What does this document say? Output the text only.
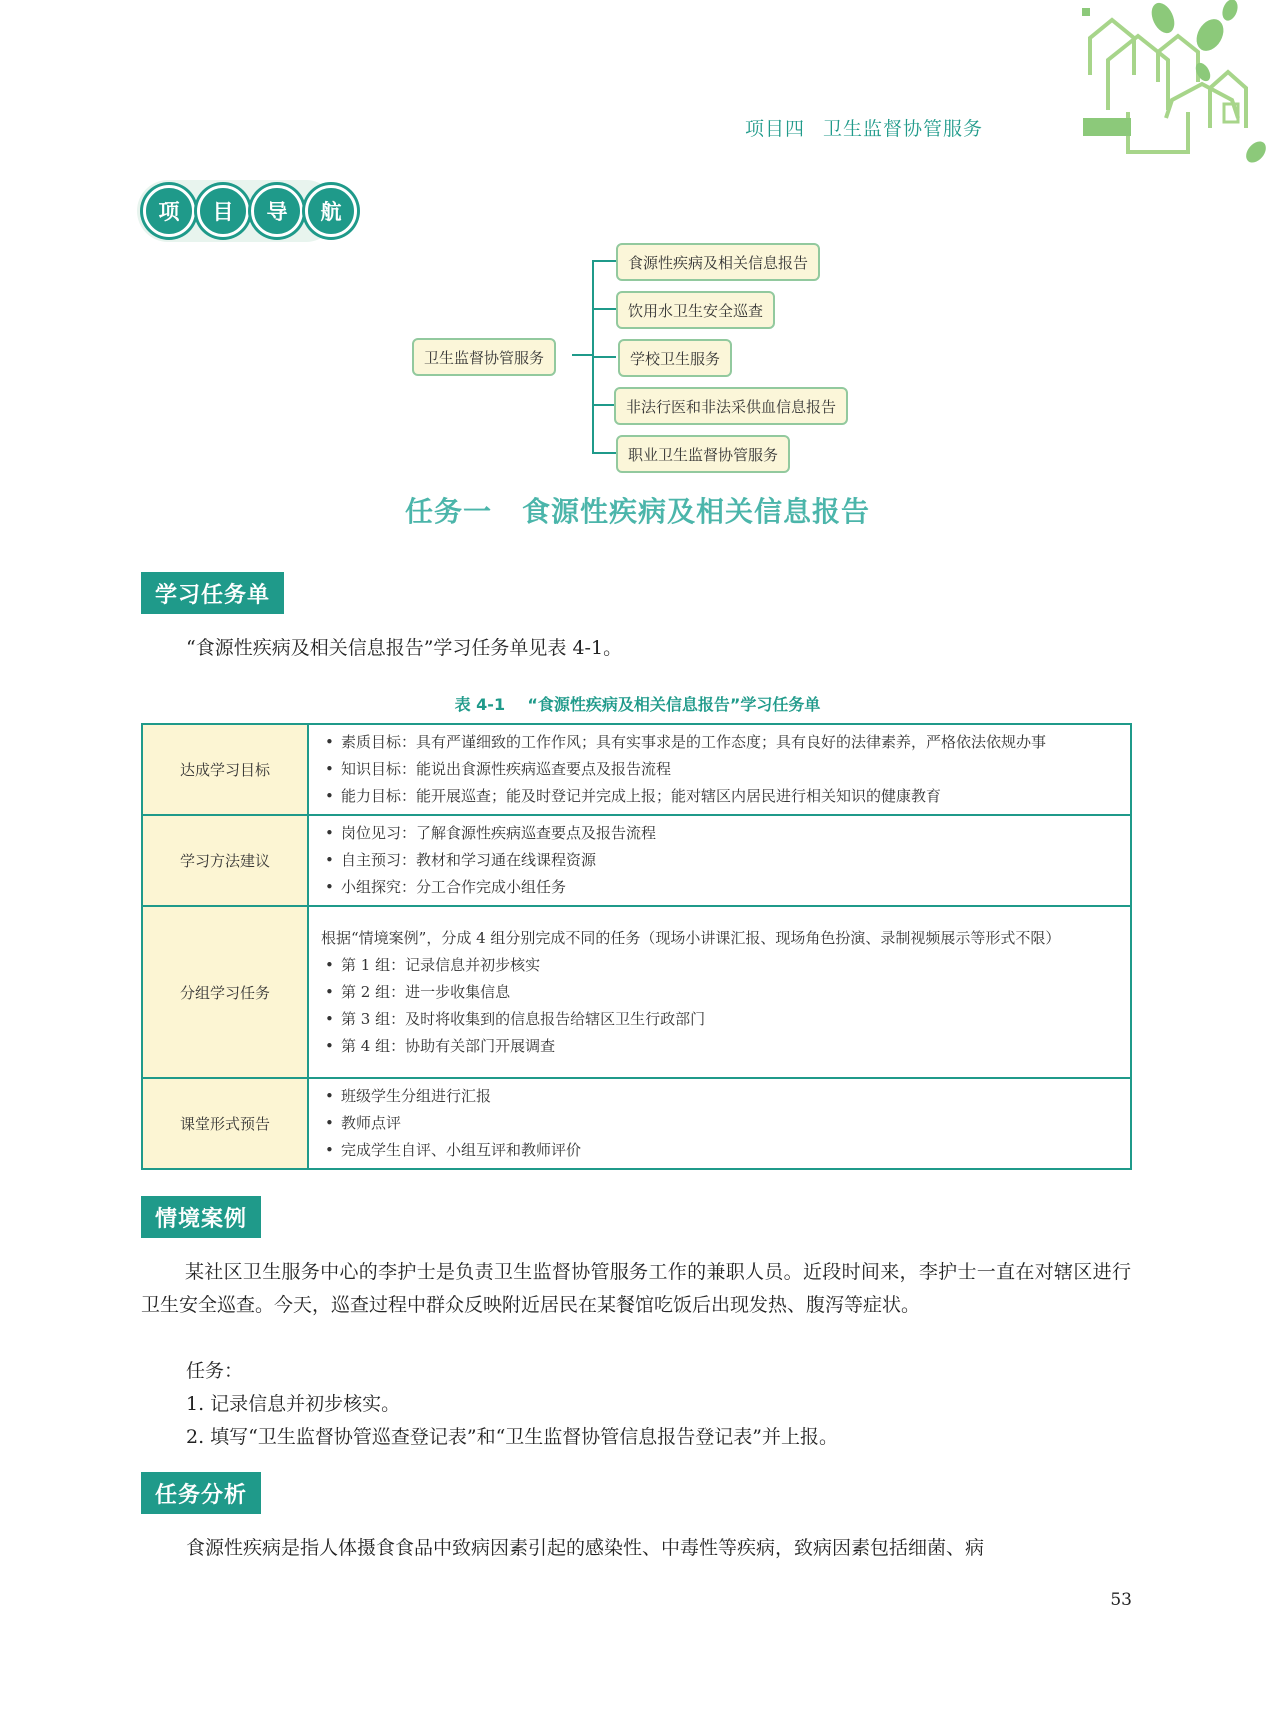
项目四 卫生监督协管服务
项	目	导	航
卫生监督协管服务
食源性疾病及相关信息报告
饮用水卫生安全巡查
学校卫生服务
非法行医和非法采供血信息报告
职业卫生监督协管服务
任务一 食源性疾病及相关信息报告
学习任务单
“食源性疾病及相关信息报告”学习任务单见表 4-1。
表 4-1 “食源性疾病及相关信息报告”学习任务单
达成学习目标	• 素质目标：具有严谨细致的工作作风；具有实事求是的工作态度；具有良好的法律素养，严格依法依规办事
• 知识目标：能说出食源性疾病巡查要点及报告流程
• 能力目标：能开展巡查；能及时登记并完成上报；能对辖区内居民进行相关知识的健康教育

学习方法建议	• 岗位见习：了解食源性疾病巡查要点及报告流程
• 自主预习：教材和学习通在线课程资源
• 小组探究：分工合作完成小组任务

分组学习任务	根据“情境案例”，分成 4 组分别完成不同的任务（现场小讲课汇报、现场角色扮演、录制视频展示等形式不限）
• 第 1 组：记录信息并初步核实
• 第 2 组：进一步收集信息
• 第 3 组：及时将收集到的信息报告给辖区卫生行政部门
• 第 4 组：协助有关部门开展调查

课堂形式预告	• 班级学生分组进行汇报
• 教师点评
• 完成学生自评、小组互评和教师评价
情境案例
某社区卫生服务中心的李护士是负责卫生监督协管服务工作的兼职人员。近段时间来，李护士一直在对辖区进行卫生安全巡查。今天，巡查过程中群众反映附近居民在某餐馆吃饭后出现发热、腹泻等症状。
任务：
1. 记录信息并初步核实。
2. 填写“卫生监督协管巡查登记表”和“卫生监督协管信息报告登记表”并上报。
任务分析
食源性疾病是指人体摄食食品中致病因素引起的感染性、中毒性等疾病，致病因素包括细菌、病
53
